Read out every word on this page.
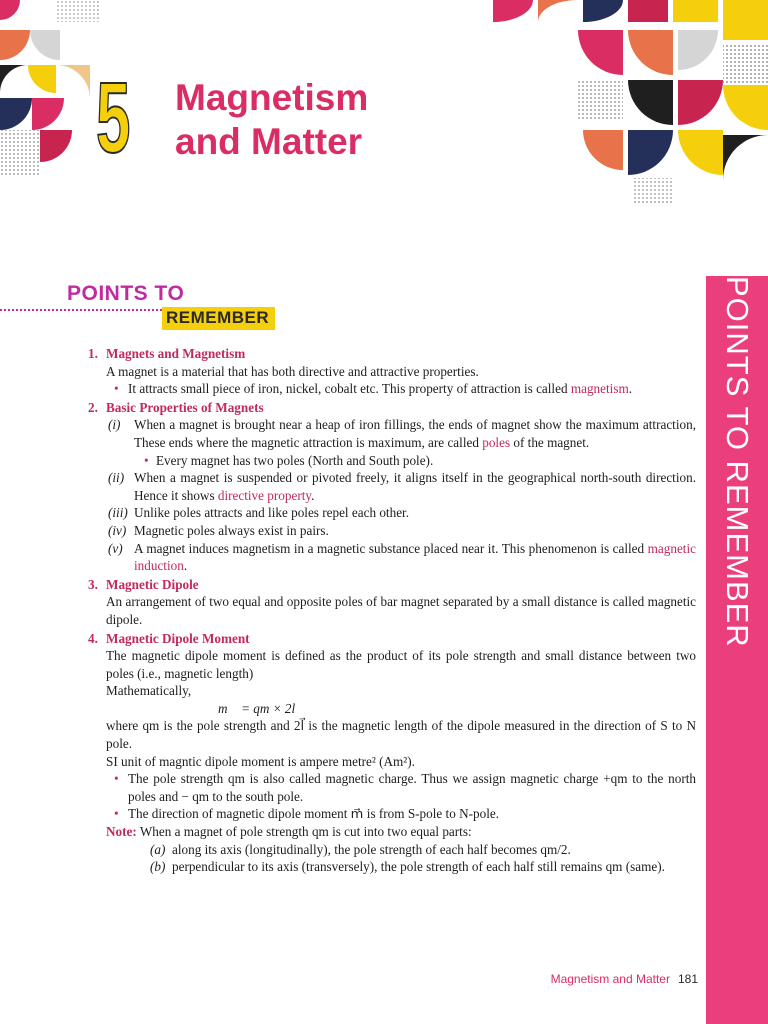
5 Magnetism
and Matter
POINTS TO
REMEMBER	POINTS TO REMEMBER
1. Magnets and Magnetism
A magnet is a material that has both directive and attractive properties.
• It attracts small piece of iron, nickel, cobalt etc. This property of attraction is called magnetism.
2. Basic Properties of Magnets
(i) When a magnet is brought near a heap of iron fillings, the ends of magnet show the maximum attraction, These ends where the magnetic attraction is maximum, are called poles of the magnet.
• Every magnet has two poles (North and South pole).
(ii) When a magnet is suspended or pivoted freely, it aligns itself in the geographical north-south direction. Hence it shows directive property.
(iii) Unlike poles attracts and like poles repel each other.
(iv) Magnetic poles always exist in pairs.
(v) A magnet induces magnetism in a magnetic substance placed near it. This phenomenon is called magnetic induction.
3. Magnetic Dipole
An arrangement of two equal and opposite poles of bar magnet separated by a small distance is called magnetic dipole.
4. Magnetic Dipole Moment
The magnetic dipole moment is defined as the product of its pole strength and small distance between two poles (i.e., magnetic length)
Mathematically,
m⃗ = qm × 2l⃗
where qm is the pole strength and 2l⃗ is the magnetic length of the dipole measured in the direction of S to N pole.
SI unit of magntic dipole moment is ampere metre² (Am²).
• The pole strength qm is also called magnetic charge. Thus we assign magnetic charge +qm to the north poles and − qm to the south pole.
• The direction of magnetic dipole moment m⃗ is from S-pole to N-pole.
Note: When a magnet of pole strength qm is cut into two equal parts:
(a) along its axis (longitudinally), the pole strength of each half becomes qm/2.
(b) perpendicular to its axis (transversely), the pole strength of each half still remains qm (same).
Magnetism and Matter 181
